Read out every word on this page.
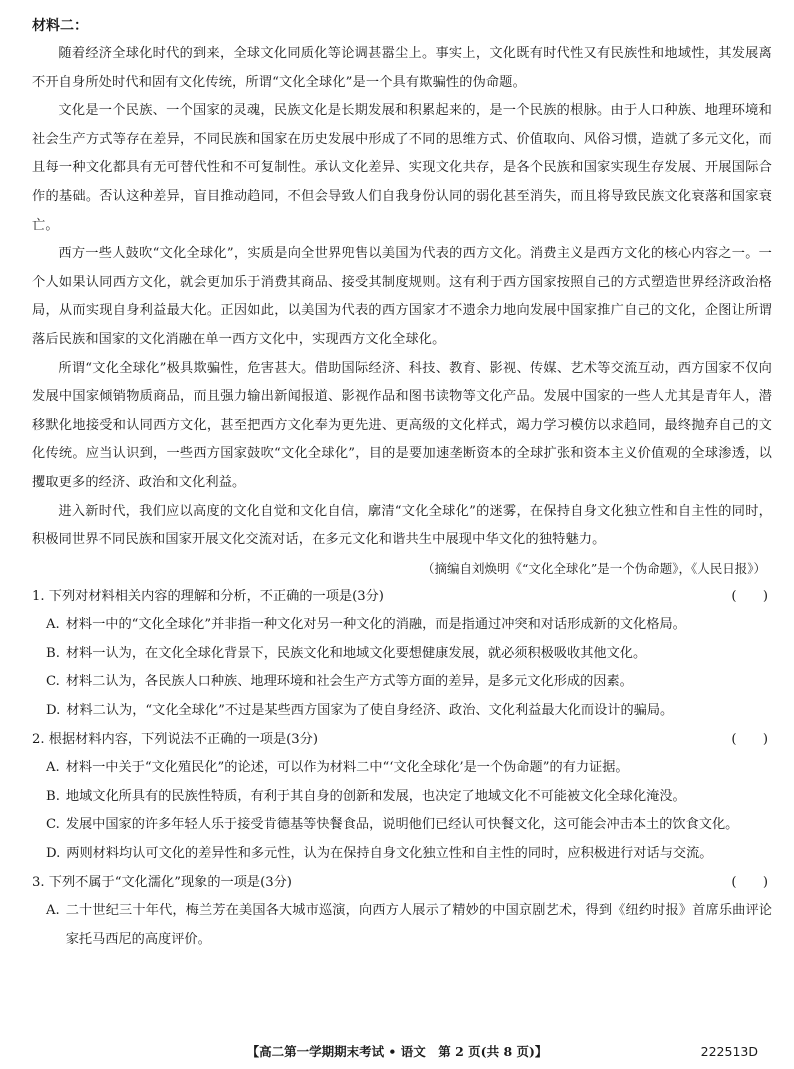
材料二：

随着经济全球化时代的到来，全球文化同质化等论调甚嚣尘上。事实上，文化既有时代性又有民族性和地域性，其发展离不开自身所处时代和固有文化传统，所谓“文化全球化”是一个具有欺骗性的伪命题。

文化是一个民族、一个国家的灵魂，民族文化是长期发展和积累起来的，是一个民族的根脉。由于人口种族、地理环境和社会生产方式等存在差异，不同民族和国家在历史发展中形成了不同的思维方式、价值取向、风俗习惯，造就了多元文化，而且每一种文化都具有无可替代性和不可复制性。承认文化差异、实现文化共存，是各个民族和国家实现生存发展、开展国际合作的基础。否认这种差异，盲目推动趋同，不但会导致人们自我身份认同的弱化甚至消失，而且将导致民族文化衰落和国家衰亡。

西方一些人鼓吹“文化全球化”，实质是向全世界兜售以美国为代表的西方文化。消费主义是西方文化的核心内容之一。一个人如果认同西方文化，就会更加乐于消费其商品、接受其制度规则。这有利于西方国家按照自己的方式塑造世界经济政治格局，从而实现自身利益最大化。正因如此，以美国为代表的西方国家才不遗余力地向发展中国家推广自己的文化，企图让所谓落后民族和国家的文化消融在单一西方文化中，实现西方文化全球化。

所谓“文化全球化”极具欺骗性，危害甚大。借助国际经济、科技、教育、影视、传媒、艺术等交流互动，西方国家不仅向发展中国家倾销物质商品，而且强力输出新闻报道、影视作品和图书读物等文化产品。发展中国家的一些人尤其是青年人，潜移默化地接受和认同西方文化，甚至把西方文化奉为更先进、更高级的文化样式，竭力学习模仿以求趋同，最终抛弃自己的文化传统。应当认识到，一些西方国家鼓吹“文化全球化”，目的是要加速垄断资本的全球扩张和资本主义价值观的全球渗透，以攫取更多的经济、政治和文化利益。

进入新时代，我们应以高度的文化自觉和文化自信，廓清“文化全球化”的迷雾，在保持自身文化独立性和自主性的同时，积极同世界不同民族和国家开展文化交流对话，在多元文化和谐共生中展现中华文化的独特魅力。

（摘编自刘焕明《“文化全球化”是一个伪命题》，《人民日报》）

1. 下列对材料相关内容的理解和分析，不正确的一项是(3分)	(　　)
A. 材料一中的“文化全球化”并非指一种文化对另一种文化的消融，而是指通过冲突和对话形成新的文化格局。
B. 材料一认为，在文化全球化背景下，民族文化和地域文化要想健康发展，就必须积极吸收其他文化。
C. 材料二认为，各民族人口种族、地理环境和社会生产方式等方面的差异，是多元文化形成的因素。
D. 材料二认为，“文化全球化”不过是某些西方国家为了使自身经济、政治、文化利益最大化而设计的骗局。
2. 根据材料内容，下列说法不正确的一项是(3分)	(　　)
A. 材料一中关于“文化殖民化”的论述，可以作为材料二中“‘文化全球化’是一个伪命题”的有力证据。
B. 地域文化所具有的民族性特质，有利于其自身的创新和发展，也决定了地域文化不可能被文化全球化淹没。
C. 发展中国家的许多年轻人乐于接受肯德基等快餐食品，说明他们已经认可快餐文化，这可能会冲击本土的饮食文化。
D. 两则材料均认可文化的差异性和多元性，认为在保持自身文化独立性和自主性的同时，应积极进行对话与交流。
3. 下列不属于“文化濡化”现象的一项是(3分)	(　　)
A. 二十世纪三十年代，梅兰芳在美国各大城市巡演，向西方人展示了精妙的中国京剧艺术，得到《纽约时报》首席乐曲评论家托马西尼的高度评价。
【高二第一学期期末考试 • 语文　第 2 页(共 8 页)】	222513D
